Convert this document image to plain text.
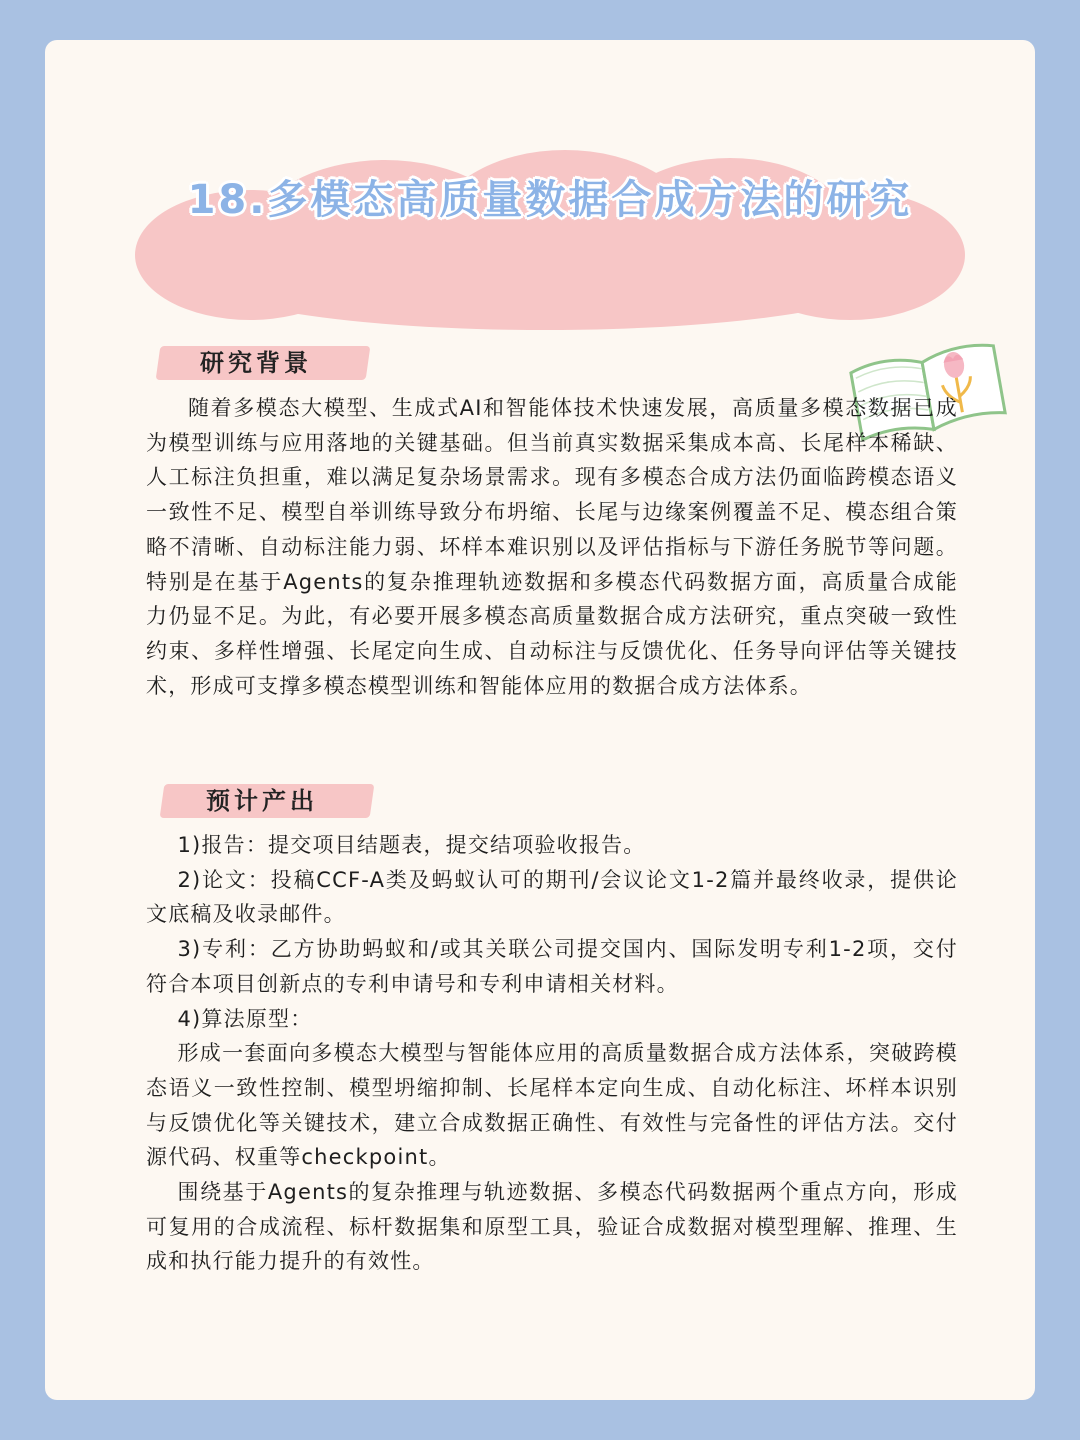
18.多模态高质量数据合成方法的研究
研究背景

随着多模态大模型、生成式AI和智能体技术快速发展，高质量多模态数据已成为模型训练与应用落地的关键基础。但当前真实数据采集成本高、长尾样本稀缺、人工标注负担重，难以满足复杂场景需求。现有多模态合成方法仍面临跨模态语义一致性不足、模型自举训练导致分布坍缩、长尾与边缘案例覆盖不足、模态组合策略不清晰、自动标注能力弱、坏样本难识别以及评估指标与下游任务脱节等问题。特别是在基于Agents的复杂推理轨迹数据和多模态代码数据方面，高质量合成能力仍显不足。为此，有必要开展多模态高质量数据合成方法研究，重点突破一致性约束、多样性增强、长尾定向生成、自动标注与反馈优化、任务导向评估等关键技术，形成可支撑多模态模型训练和智能体应用的数据合成方法体系。

预计产出

1)报告：提交项目结题表，提交结项验收报告。

2)论文：投稿CCF-A类及蚂蚁认可的期刊/会议论文1-2篇并最终收录，提供论文底稿及收录邮件。

3)专利：乙方协助蚂蚁和/或其关联公司提交国内、国际发明专利1-2项，交付符合本项目创新点的专利申请号和专利申请相关材料。

4)算法原型：

形成一套面向多模态大模型与智能体应用的高质量数据合成方法体系，突破跨模态语义一致性控制、模型坍缩抑制、长尾样本定向生成、自动化标注、坏样本识别与反馈优化等关键技术，建立合成数据正确性、有效性与完备性的评估方法。交付源代码、权重等checkpoint。

围绕基于Agents的复杂推理与轨迹数据、多模态代码数据两个重点方向，形成可复用的合成流程、标杆数据集和原型工具，验证合成数据对模型理解、推理、生成和执行能力提升的有效性。
